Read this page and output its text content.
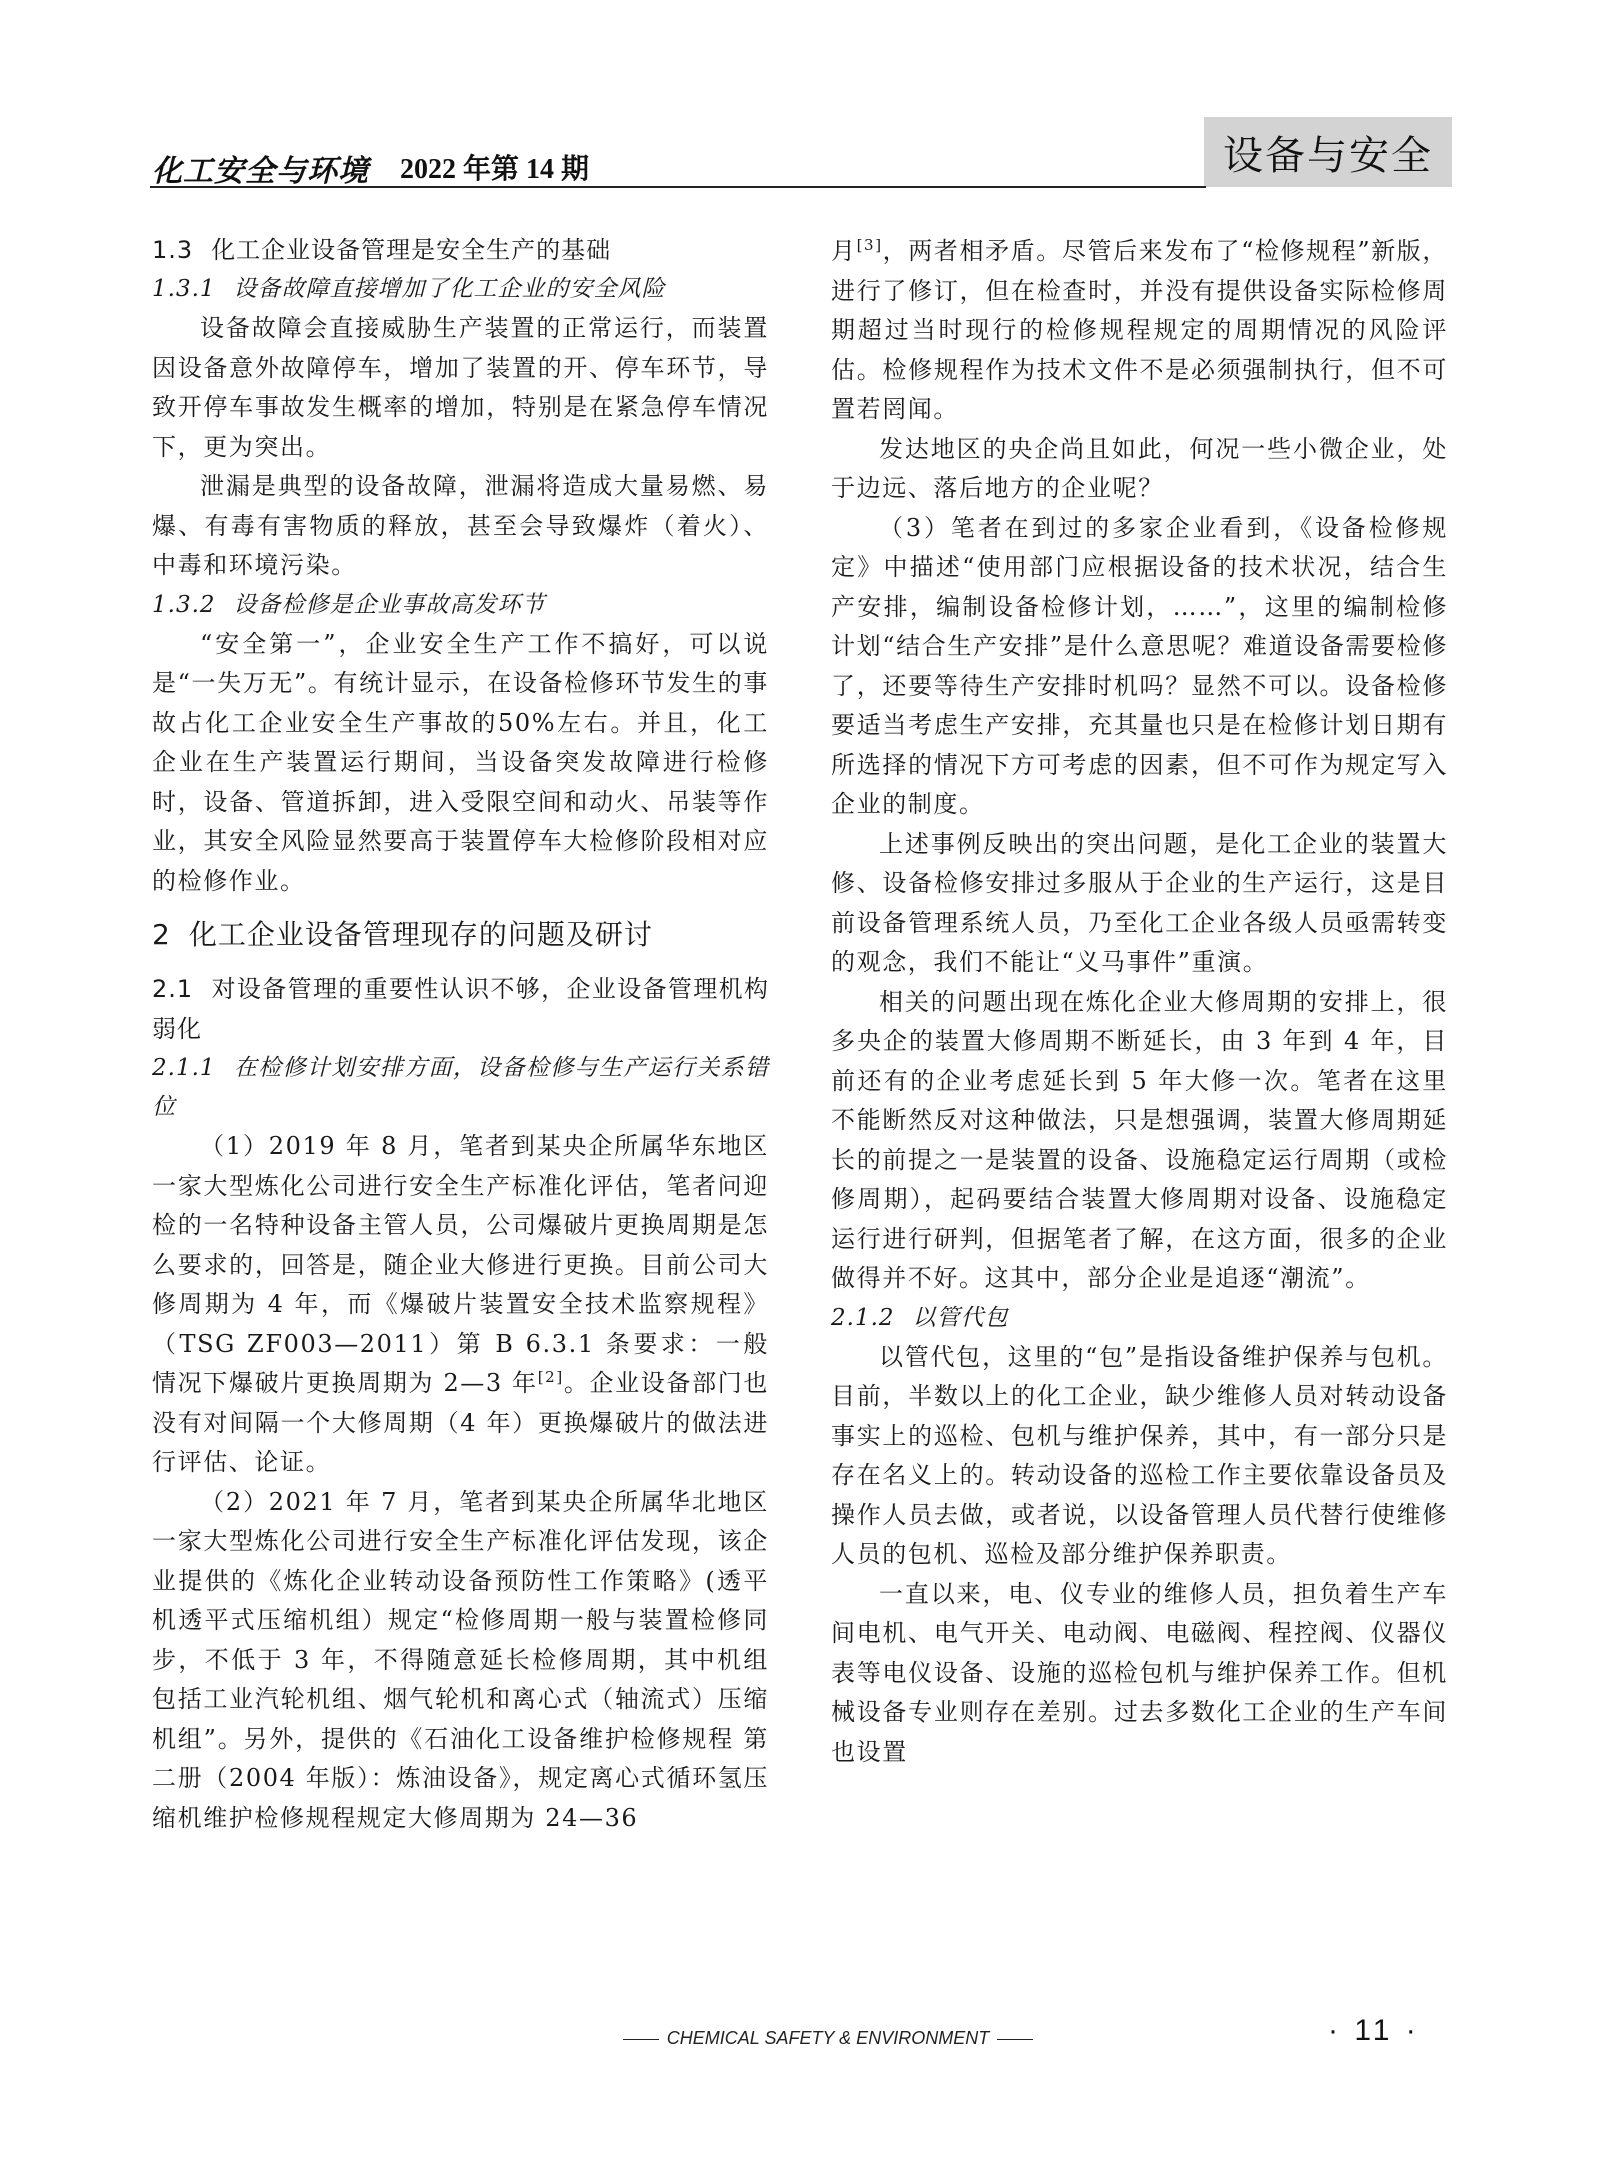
化工安全与环境 2022 年第 14 期	设备与安全
1.3 化工企业设备管理是安全生产的基础
1.3.1 设备故障直接增加了化工企业的安全风险

设备故障会直接威胁生产装置的正常运行，而装置因设备意外故障停车，增加了装置的开、停车环节，导致开停车事故发生概率的增加，特别是在紧急停车情况下，更为突出。

泄漏是典型的设备故障，泄漏将造成大量易燃、易爆、有毒有害物质的释放，甚至会导致爆炸（着火）、中毒和环境污染。

1.3.2 设备检修是企业事故高发环节

“安全第一”，企业安全生产工作不搞好，可以说是“一失万无”。有统计显示，在设备检修环节发生的事故占化工企业安全生产事故的50%左右。并且，化工企业在生产装置运行期间，当设备突发故障进行检修时，设备、管道拆卸，进入受限空间和动火、吊装等作业，其安全风险显然要高于装置停车大检修阶段相对应的检修作业。

2 化工企业设备管理现存的问题及研讨
2.1 对设备管理的重要性认识不够，企业设备管理机构弱化
2.1.1 在检修计划安排方面，设备检修与生产运行关系错位

（1）2019 年 8 月，笔者到某央企所属华东地区一家大型炼化公司进行安全生产标准化评估，笔者问迎检的一名特种设备主管人员，公司爆破片更换周期是怎么要求的，回答是，随企业大修进行更换。目前公司大修周期为 4 年，而《爆破片装置安全技术监察规程》（TSG ZF003—2011）第 B 6.3.1 条要求：一般情况下爆破片更换周期为 2—3 年[2]。企业设备部门也没有对间隔一个大修周期（4 年）更换爆破片的做法进行评估、论证。

（2）2021 年 7 月，笔者到某央企所属华北地区一家大型炼化公司进行安全生产标准化评估发现，该企业提供的《炼化企业转动设备预防性工作策略》(透平机透平式压缩机组）规定“检修周期一般与装置检修同步，不低于 3 年，不得随意延长检修周期，其中机组包括工业汽轮机组、烟气轮机和离心式（轴流式）压缩机组”。另外，提供的《石油化工设备维护检修规程 第二册（2004 年版）：炼油设备》，规定离心式循环氢压缩机维护检修规程规定大修周期为 24—36

月[3]，两者相矛盾。尽管后来发布了“检修规程”新版，进行了修订，但在检查时，并没有提供设备实际检修周期超过当时现行的检修规程规定的周期情况的风险评估。检修规程作为技术文件不是必须强制执行，但不可置若罔闻。

发达地区的央企尚且如此，何况一些小微企业，处于边远、落后地方的企业呢？

（3）笔者在到过的多家企业看到，《设备检修规定》中描述“使用部门应根据设备的技术状况，结合生产安排，编制设备检修计划，……”，这里的编制检修计划“结合生产安排”是什么意思呢？难道设备需要检修了，还要等待生产安排时机吗？显然不可以。设备检修要适当考虑生产安排，充其量也只是在检修计划日期有所选择的情况下方可考虑的因素，但不可作为规定写入企业的制度。

上述事例反映出的突出问题，是化工企业的装置大修、设备检修安排过多服从于企业的生产运行，这是目前设备管理系统人员，乃至化工企业各级人员亟需转变的观念，我们不能让“义马事件”重演。

相关的问题出现在炼化企业大修周期的安排上，很多央企的装置大修周期不断延长，由 3 年到 4 年，目前还有的企业考虑延长到 5 年大修一次。笔者在这里不能断然反对这种做法，只是想强调，装置大修周期延长的前提之一是装置的设备、设施稳定运行周期（或检修周期），起码要结合装置大修周期对设备、设施稳定运行进行研判，但据笔者了解，在这方面，很多的企业做得并不好。这其中，部分企业是追逐“潮流”。

2.1.2 以管代包

以管代包，这里的“包”是指设备维护保养与包机。目前，半数以上的化工企业，缺少维修人员对转动设备事实上的巡检、包机与维护保养，其中，有一部分只是存在名义上的。转动设备的巡检工作主要依靠设备员及操作人员去做，或者说，以设备管理人员代替行使维修人员的包机、巡检及部分维护保养职责。

一直以来，电、仪专业的维修人员，担负着生产车间电机、电气开关、电动阀、电磁阀、程控阀、仪器仪表等电仪设备、设施的巡检包机与维护保养工作。但机械设备专业则存在差别。过去多数化工企业的生产车间也设置

CHEMICAL SAFETY & ENVIRONMENT	· 11 ·
